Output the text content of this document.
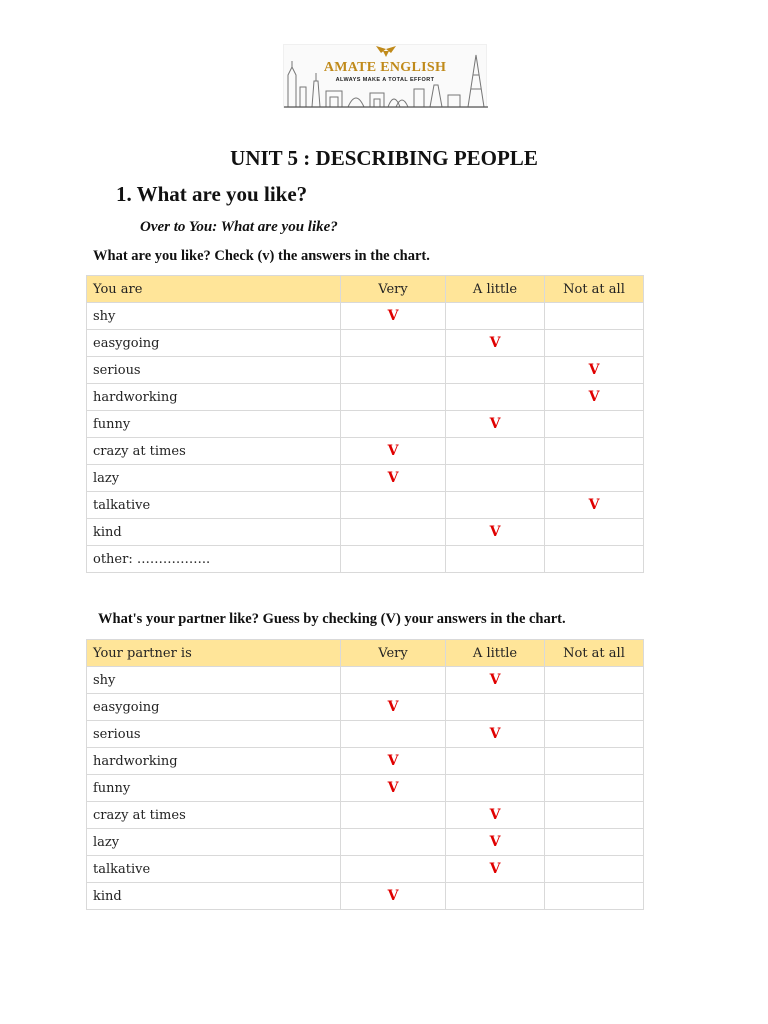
AMATE ENGLISH
ALWAYS MAKE A TOTAL EFFORT
UNIT 5 : DESCRIBING PEOPLE
1. What are you like?
Over to You: What are you like?
What are you like? Check (v) the answers in the chart.
You are	Very	A little	Not at all
shy	V		
easygoing		V	
serious			V
hardworking			V
funny		V	
crazy at times	V		
lazy	V		
talkative			V
kind		V	
other: ……………..			
What's your partner like? Guess by checking (V) your answers in the chart.
Your partner is	Very	A little	Not at all
shy		V	
easygoing	V		
serious		V	
hardworking	V		
funny	V		
crazy at times		V	
lazy		V	
talkative		V	
kind	V		
